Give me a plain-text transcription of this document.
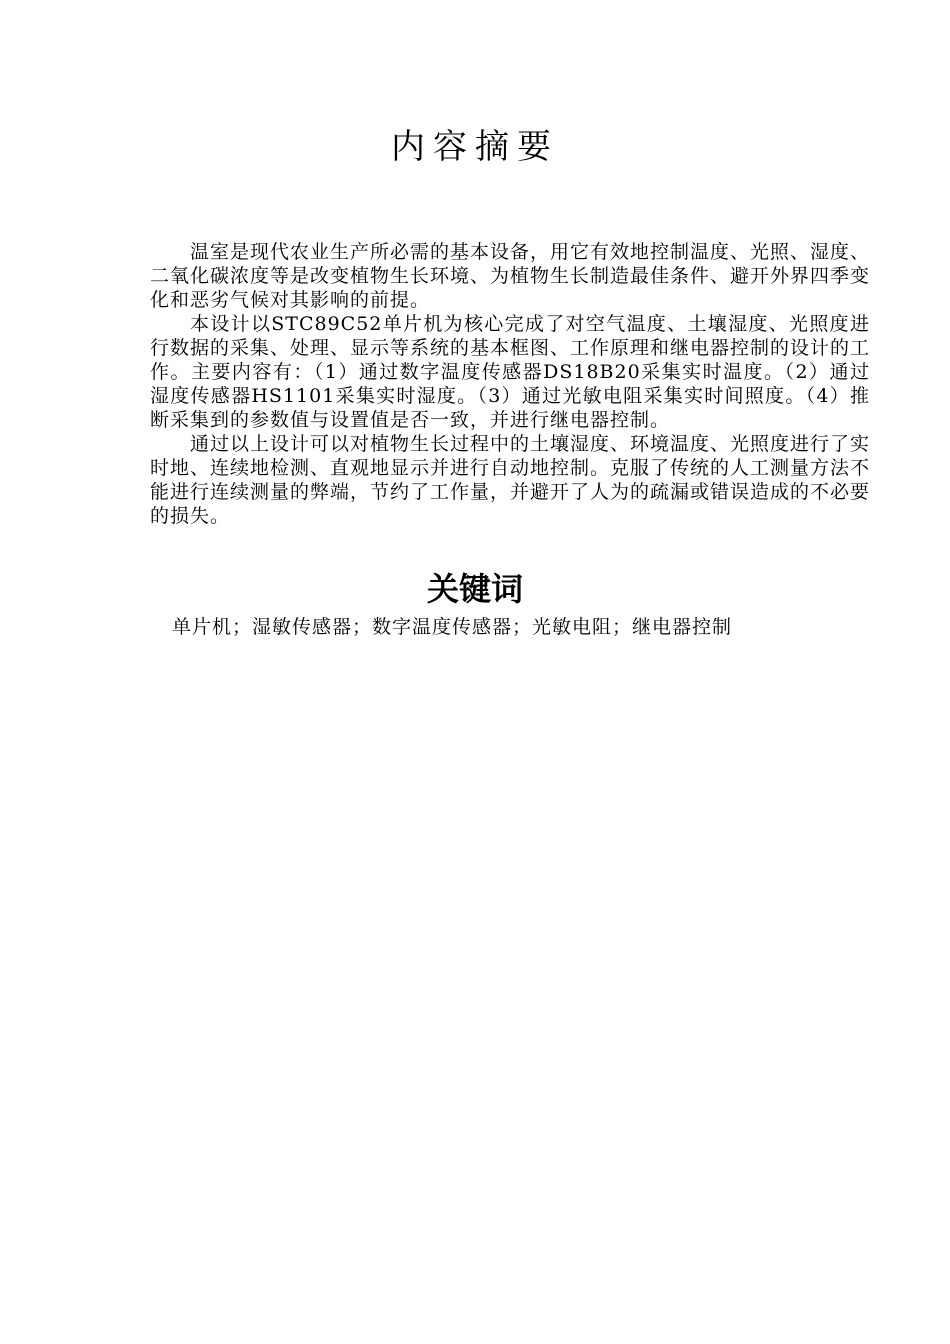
内容摘要

温室是现代农业生产所必需的基本设备，用它有效地控制温度、光照、湿度、二氧化碳浓度等是改变植物生长环境、为植物生长制造最佳条件、避开外界四季变化和恶劣气候对其影响的前提。

本设计以STC89C52单片机为核心完成了对空气温度、土壤湿度、光照度进行数据的采集、处理、显示等系统的基本框图、工作原理和继电器控制的设计的工作。主要内容有：（1）通过数字温度传感器DS18B20采集实时温度。（2）通过湿度传感器HS1101采集实时湿度。（3）通过光敏电阻采集实时间照度。（4）推断采集到的参数值与设置值是否一致，并进行继电器控制。

通过以上设计可以对植物生长过程中的土壤湿度、环境温度、光照度进行了实时地、连续地检测、直观地显示并进行自动地控制。克服了传统的人工测量方法不能进行连续测量的弊端，节约了工作量，并避开了人为的疏漏或错误造成的不必要的损失。

关键词
单片机；湿敏传感器；数字温度传感器；光敏电阻；继电器控制
